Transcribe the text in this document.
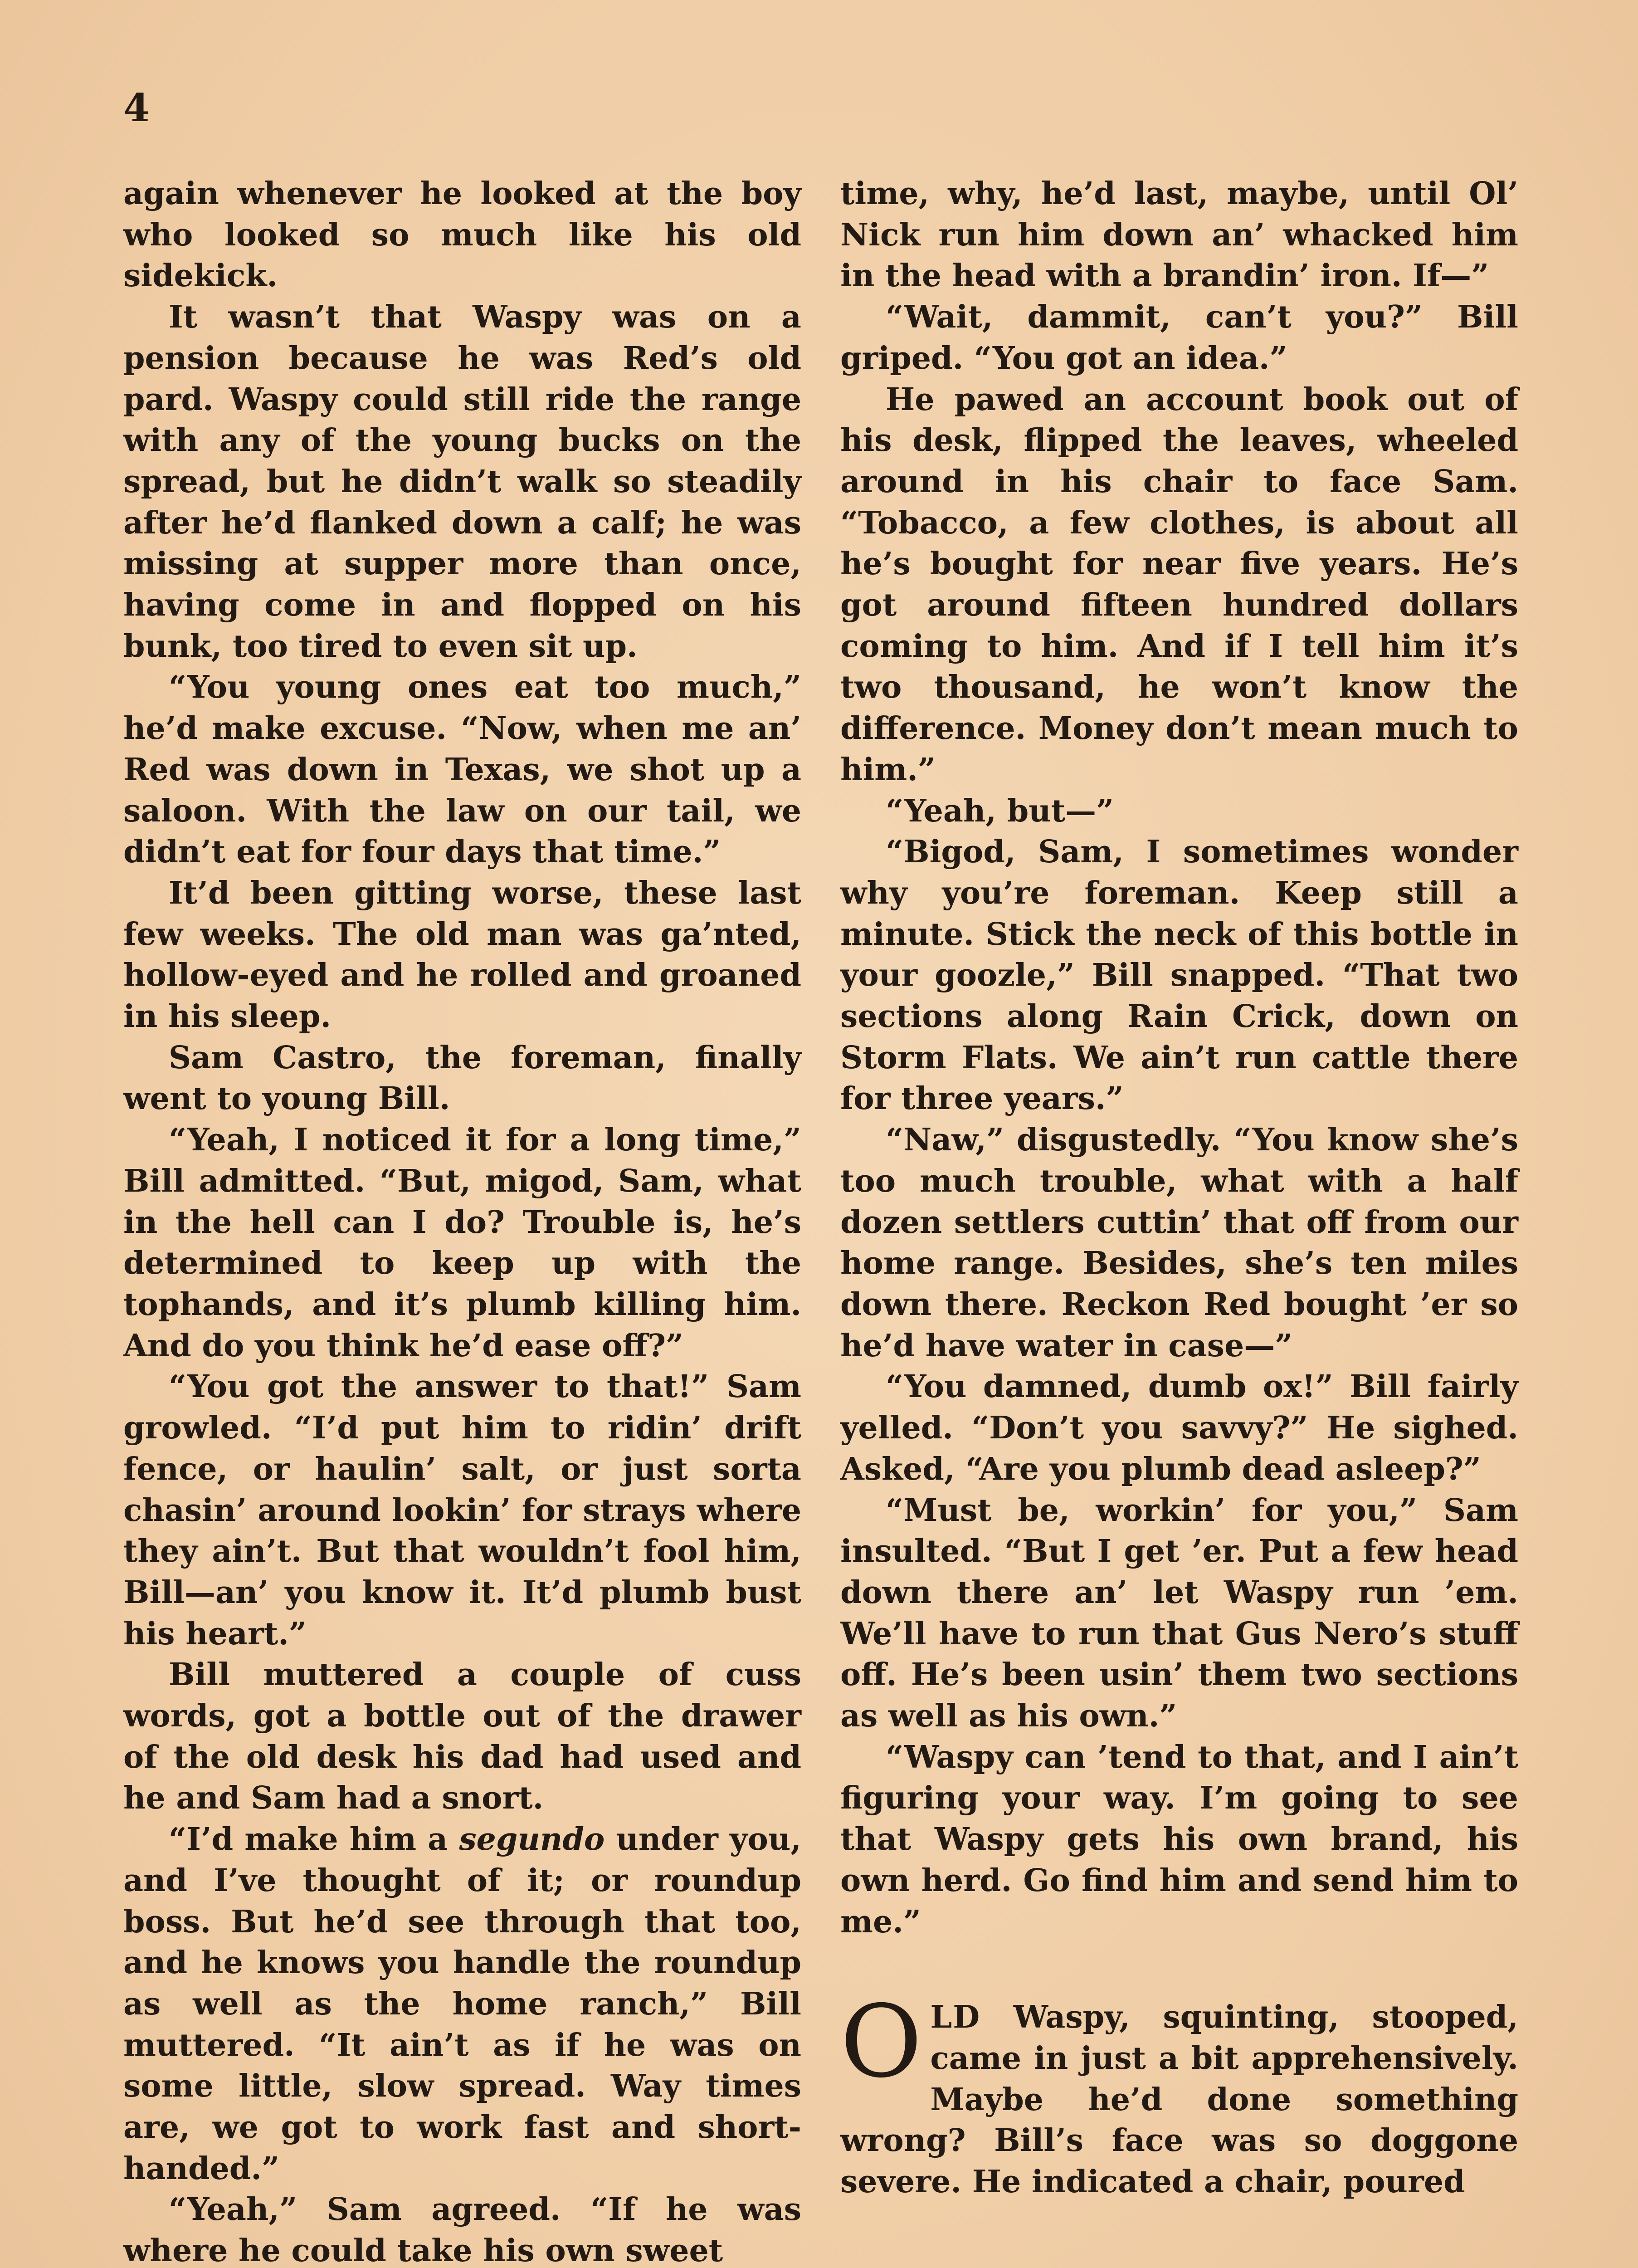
4

again whenever he looked at the boy who looked so much like his old sidekick.

It wasn’t that Waspy was on a pension because he was Red’s old pard. Waspy could still ride the range with any of the young bucks on the spread, but he didn’t walk so steadily after he’d flanked down a calf; he was missing at supper more than once, having come in and flopped on his bunk, too tired to even sit up.

“You young ones eat too much,” he’d make excuse. “Now, when me an’ Red was down in Texas, we shot up a saloon. With the law on our tail, we didn’t eat for four days that time.”

It’d been gitting worse, these last few weeks. The old man was ga’nted, hollow-eyed and he rolled and groaned in his sleep.

Sam Castro, the foreman, finally went to young Bill.

“Yeah, I noticed it for a long time,” Bill admitted. “But, migod, Sam, what in the hell can I do? Trouble is, he’s determined to keep up with the tophands, and it’s plumb killing him. And do you think he’d ease off?”

“You got the answer to that!” Sam growled. “I’d put him to ridin’ drift fence, or haulin’ salt, or just sorta chasin’ around lookin’ for strays where they ain’t. But that wouldn’t fool him, Bill—an’ you know it. It’d plumb bust his heart.”

Bill muttered a couple of cuss words, got a bottle out of the drawer of the old desk his dad had used and he and Sam had a snort.

“I’d make him a segundo under you, and I’ve thought of it; or roundup boss. But he’d see through that too, and he knows you handle the roundup as well as the home ranch,” Bill muttered. “It ain’t as if he was on some little, slow spread. Way times are, we got to work fast and short-handed.”

“Yeah,” Sam agreed. “If he was where he could take his own sweet

time, why, he’d last, maybe, until Ol’ Nick run him down an’ whacked him in the head with a brandin’ iron. If—”

“Wait, dammit, can’t you?” Bill griped. “You got an idea.”

He pawed an account book out of his desk, flipped the leaves, wheeled around in his chair to face Sam. “Tobacco, a few clothes, is about all he’s bought for near five years. He’s got around fifteen hundred dollars coming to him. And if I tell him it’s two thousand, he won’t know the difference. Money don’t mean much to him.”

“Yeah, but—”

“Bigod, Sam, I sometimes wonder why you’re foreman. Keep still a minute. Stick the neck of this bottle in your goozle,” Bill snapped. “That two sections along Rain Crick, down on Storm Flats. We ain’t run cattle there for three years.”

“Naw,” disgustedly. “You know she’s too much trouble, what with a half dozen settlers cuttin’ that off from our home range. Besides, she’s ten miles down there. Reckon Red bought ’er so he’d have water in case—”

“You damned, dumb ox!” Bill fairly yelled. “Don’t you savvy?” He sighed. Asked, “Are you plumb dead asleep?”

“Must be, workin’ for you,” Sam insulted. “But I get ’er. Put a few head down there an’ let Waspy run ’em. We’ll have to run that Gus Nero’s stuff off. He’s been usin’ them two sections as well as his own.”

“Waspy can ’tend to that, and I ain’t figuring your way. I’m going to see that Waspy gets his own brand, his own herd. Go find him and send him to me.”

OLD Waspy, squinting, stooped, came in just a bit apprehensively. Maybe he’d done something wrong? Bill’s face was so doggone severe. He indicated a chair, poured
